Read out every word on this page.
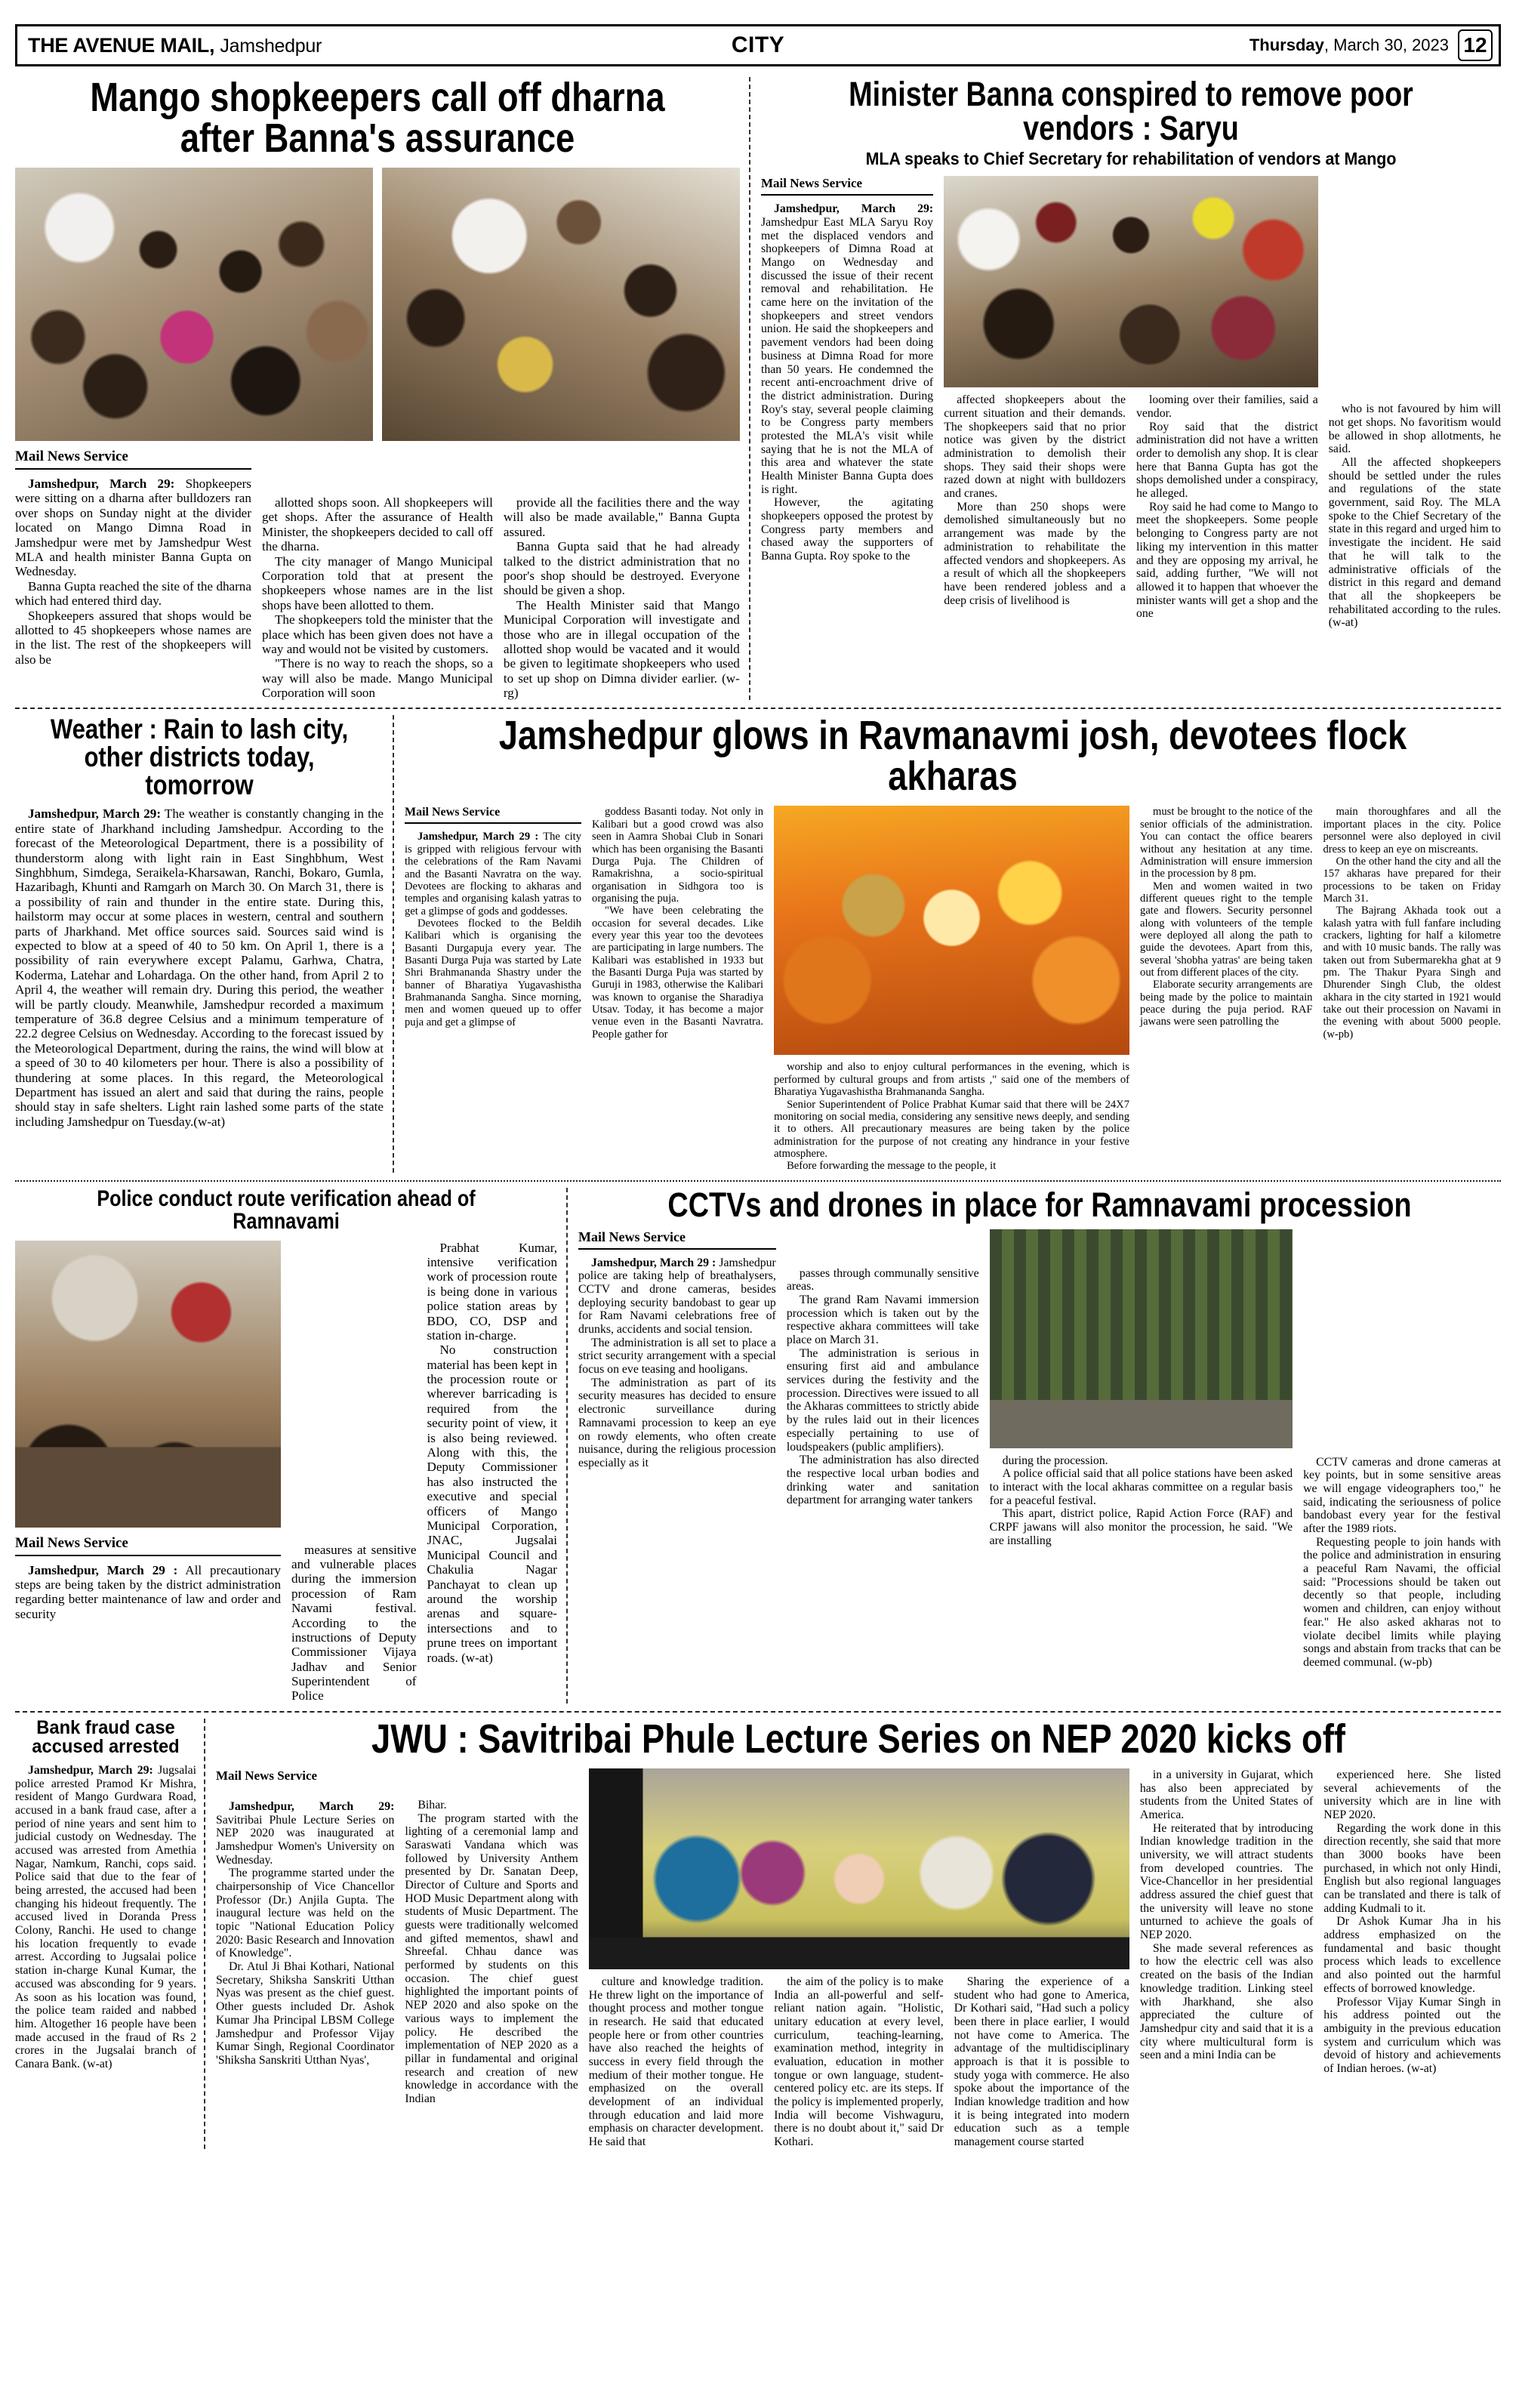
THE AVENUE MAIL, Jamshedpur	CITY	Thursday, March 30, 2023 12
Mango shopkeepers call off dharna after Banna's assurance
Mail News Service

Jamshedpur, March 29: Shopkeepers were sitting on a dharna after bulldozers ran over shops on Sunday night at the divider located on Mango Dimna Road in Jamshedpur were met by Jamshedpur West MLA and health minister Banna Gupta on Wednesday.

Banna Gupta reached the site of the dharna which had entered third day.

Shopkeepers assured that shops would be allotted to 45 shopkeepers whose names are in the list. The rest of the shopkeepers will also be

allotted shops soon. All shopkeepers will get shops. After the assurance of Health Minister, the shopkeepers decided to call off the dharna.

The city manager of Mango Municipal Corporation told that at present the shopkeepers whose names are in the list shops have been allotted to them.

The shopkeepers told the minister that the place which has been given does not have a way and would not be visited by customers.

"There is no way to reach the shops, so a way will also be made. Mango Municipal Corporation will soon

provide all the facilities there and the way will also be made available," Banna Gupta assured.

Banna Gupta said that he had already talked to the district administration that no poor's shop should be destroyed. Everyone should be given a shop.

The Health Minister said that Mango Municipal Corporation will investigate and those who are in illegal occupation of the allotted shop would be vacated and it would be given to legitimate shopkeepers who used to set up shop on Dimna divider earlier. (w-rg)

Minister Banna conspired to remove poor vendors : Saryu
MLA speaks to Chief Secretary for rehabilitation of vendors at Mango
Mail News Service

Jamshedpur, March 29: Jamshedpur East MLA Saryu Roy met the displaced vendors and shopkeepers of Dimna Road at Mango on Wednesday and discussed the issue of their recent removal and rehabilitation. He came here on the invitation of the shopkeepers and street vendors union. He said the shopkeepers and pavement vendors had been doing business at Dimna Road for more than 50 years. He condemned the recent anti-encroachment drive of the district administration. During Roy's stay, several people claiming to be Congress party members protested the MLA's visit while saying that he is not the MLA of this area and whatever the state Health Minister Banna Gupta does is right.

However, the agitating shopkeepers opposed the protest by Congress party members and chased away the supporters of Banna Gupta. Roy spoke to the

affected shopkeepers about the current situation and their demands. The shopkeepers said that no prior notice was given by the district administration to demolish their shops. They said their shops were razed down at night with bulldozers and cranes.

More than 250 shops were demolished simultaneously but no arrangement was made by the administration to rehabilitate the affected vendors and shopkeepers. As a result of which all the shopkeepers have been rendered jobless and a deep crisis of livelihood is

looming over their families, said a vendor.

Roy said that the district administration did not have a written order to demolish any shop. It is clear here that Banna Gupta has got the shops demolished under a conspiracy, he alleged.

Roy said he had come to Mango to meet the shopkeepers. Some people belonging to Congress party are not liking my intervention in this matter and they are opposing my arrival, he said, adding further, "We will not allowed it to happen that whoever the minister wants will get a shop and the one

who is not favoured by him will not get shops. No favoritism would be allowed in shop allotments, he said.

All the affected shopkeepers should be settled under the rules and regulations of the state government, said Roy. The MLA spoke to the Chief Secretary of the state in this regard and urged him to investigate the incident. He said that he will talk to the administrative officials of the district in this regard and demand that all the shopkeepers be rehabilitated according to the rules. (w-at)

Weather : Rain to lash city, other districts today, tomorrow

Jamshedpur, March 29: The weather is constantly changing in the entire state of Jharkhand including Jamshedpur. According to the forecast of the Meteorological Department, there is a possibility of thunderstorm along with light rain in East Singhbhum, West Singhbhum, Simdega, Seraikela-Kharsawan, Ranchi, Bokaro, Gumla, Hazaribagh, Khunti and Ramgarh on March 30. On March 31, there is a possibility of rain and thunder in the entire state. During this, hailstorm may occur at some places in western, central and southern parts of Jharkhand. Met office sources said. Sources said wind is expected to blow at a speed of 40 to 50 km. On April 1, there is a possibility of rain everywhere except Palamu, Garhwa, Chatra, Koderma, Latehar and Lohardaga. On the other hand, from April 2 to April 4, the weather will remain dry. During this period, the weather will be partly cloudy. Meanwhile, Jamshedpur recorded a maximum temperature of 36.8 degree Celsius and a minimum temperature of 22.2 degree Celsius on Wednesday. According to the forecast issued by the Meteorological Department, during the rains, the wind will blow at a speed of 30 to 40 kilometers per hour. There is also a possibility of thundering at some places. In this regard, the Meteorological Department has issued an alert and said that during the rains, people should stay in safe shelters. Light rain lashed some parts of the state including Jamshedpur on Tuesday.(w-at)

Jamshedpur glows in Ravmanavmi josh, devotees flock akharas
Mail News Service

Jamshedpur, March 29 : The city is gripped with religious fervour with the celebrations of the Ram Navami and the Basanti Navratra on the way. Devotees are flocking to akharas and temples and organising kalash yatras to get a glimpse of gods and goddesses.

Devotees flocked to the Beldih Kalibari which is organising the Basanti Durgapuja every year. The Basanti Durga Puja was started by Late Shri Brahmananda Shastry under the banner of Bharatiya Yugavashistha Brahmananda Sangha. Since morning, men and women queued up to offer puja and get a glimpse of

goddess Basanti today. Not only in Kalibari but a good crowd was also seen in Aamra Shobai Club in Sonari which has been organising the Basanti Durga Puja. The Children of Ramakrishna, a socio-spiritual organisation in Sidhgora too is organising the puja.

"We have been celebrating the occasion for several decades. Like every year this year too the devotees are participating in large numbers. The Kalibari was established in 1933 but the Basanti Durga Puja was started by Guruji in 1983, otherwise the Kalibari was known to organise the Sharadiya Utsav. Today, it has become a major venue even in the Basanti Navratra. People gather for

worship and also to enjoy cultural performances in the evening, which is performed by cultural groups and from artists ," said one of the members of Bharatiya Yugavashistha Brahmananda Sangha.

Senior Superintendent of Police Prabhat Kumar said that there will be 24X7 monitoring on social media, considering any sensitive news deeply, and sending it to others. All precautionary measures are being taken by the police administration for the purpose of not creating any hindrance in your festive atmosphere.

Before forwarding the message to the people, it

must be brought to the notice of the senior officials of the administration. You can contact the office bearers without any hesitation at any time. Administration will ensure immersion in the procession by 8 pm.

Men and women waited in two different queues right to the temple gate and flowers. Security personnel along with volunteers of the temple were deployed all along the path to guide the devotees. Apart from this, several 'shobha yatras' are being taken out from different places of the city.

Elaborate security arrangements are being made by the police to maintain peace during the puja period. RAF jawans were seen patrolling the

main thoroughfares and all the important places in the city. Police personnel were also deployed in civil dress to keep an eye on miscreants.

On the other hand the city and all the 157 akharas have prepared for their processions to be taken on Friday March 31.

The Bajrang Akhada took out a kalash yatra with full fanfare including crackers, lighting for half a kilometre and with 10 music bands. The rally was taken out from Subermarekha ghat at 9 pm. The Thakur Pyara Singh and Dhurender Singh Club, the oldest akhara in the city started in 1921 would take out their procession on Navami in the evening with about 5000 people. (w-pb)

Police conduct route verification ahead of Ramnavami
Mail News Service

Jamshedpur, March 29 : All precautionary steps are being taken by the district administration regarding better maintenance of law and order and security

measures at sensitive and vulnerable places during the immersion procession of Ram Navami festival. According to the instructions of Deputy Commissioner Vijaya Jadhav and Senior Superintendent of Police

Prabhat Kumar, intensive verification work of procession route is being done in various police station areas by BDO, CO, DSP and station in-charge.

No construction material has been kept in the procession route or wherever barricading is required from the security point of view, it is also being reviewed. Along with this, the Deputy Commissioner has also instructed the executive and special officers of Mango Municipal Corporation, JNAC, Jugsalai Municipal Council and Chakulia Nagar Panchayat to clean up around the worship arenas and square-intersections and to prune trees on important roads. (w-at)

CCTVs and drones in place for Ramnavami procession
Mail News Service

Jamshedpur, March 29 : Jamshedpur police are taking help of breathalysers, CCTV and drone cameras, besides deploying security bandobast to gear up for Ram Navami celebrations free of drunks, accidents and social tension.

The administration is all set to place a strict security arrangement with a special focus on eve teasing and hooligans.

The administration as part of its security measures has decided to ensure electronic surveillance during Ramnavami procession to keep an eye on rowdy elements, who often create nuisance, during the religious procession especially as it

passes through communally sensitive areas.

The grand Ram Navami immersion procession which is taken out by the respective akhara committees will take place on March 31.

The administration is serious in ensuring first aid and ambulance services during the festivity and the procession. Directives were issued to all the Akharas committees to strictly abide by the rules laid out in their licences especially pertaining to use of loudspeakers (public amplifiers).

The administration has also directed the respective local urban bodies and drinking water and sanitation department for arranging water tankers

during the procession.

A police official said that all police stations have been asked to interact with the local akharas committee on a regular basis for a peaceful festival.

This apart, district police, Rapid Action Force (RAF) and CRPF jawans will also monitor the procession, he said. "We are installing

CCTV cameras and drone cameras at key points, but in some sensitive areas we will engage videographers too," he said, indicating the seriousness of police bandobast every year for the festival after the 1989 riots.

Requesting people to join hands with the police and administration in ensuring a peaceful Ram Navami, the official said: "Processions should be taken out decently so that people, including women and children, can enjoy without fear." He also asked akharas not to violate decibel limits while playing songs and abstain from tracks that can be deemed communal. (w-pb)

Bank fraud case accused arrested

Jamshedpur, March 29: Jugsalai police arrested Pramod Kr Mishra, resident of Mango Gurdwara Road, accused in a bank fraud case, after a period of nine years and sent him to judicial custody on Wednesday. The accused was arrested from Amethia Nagar, Namkum, Ranchi, cops said. Police said that due to the fear of being arrested, the accused had been changing his hideout frequently. The accused lived in Doranda Press Colony, Ranchi. He used to change his location frequently to evade arrest. According to Jugsalai police station in-charge Kunal Kumar, the accused was absconding for 9 years. As soon as his location was found, the police team raided and nabbed him. Altogether 16 people have been made accused in the fraud of Rs 2 crores in the Jugsalai branch of Canara Bank. (w-at)

JWU : Savitribai Phule Lecture Series on NEP 2020 kicks off
Mail News Service

Jamshedpur, March 29: Savitribai Phule Lecture Series on NEP 2020 was inaugurated at Jamshedpur Women's University on Wednesday.

The programme started under the chairpersonship of Vice Chancellor Professor (Dr.) Anjila Gupta. The inaugural lecture was held on the topic "National Education Policy 2020: Basic Research and Innovation of Knowledge".

Dr. Atul Ji Bhai Kothari, National Secretary, Shiksha Sanskriti Utthan Nyas was present as the chief guest. Other guests included Dr. Ashok Kumar Jha Principal LBSM College Jamshedpur and Professor Vijay Kumar Singh, Regional Coordinator 'Shiksha Sanskriti Utthan Nyas',

Bihar.

The program started with the lighting of a ceremonial lamp and Saraswati Vandana which was followed by University Anthem presented by Dr. Sanatan Deep, Director of Culture and Sports and HOD Music Department along with students of Music Department. The guests were traditionally welcomed and gifted mementos, shawl and Shreefal. Chhau dance was performed by students on this occasion. The chief guest highlighted the important points of NEP 2020 and also spoke on the various ways to implement the policy. He described the implementation of NEP 2020 as a pillar in fundamental and original research and creation of new knowledge in accordance with the Indian

culture and knowledge tradition. He threw light on the importance of thought process and mother tongue in research. He said that educated people here or from other countries have also reached the heights of success in every field through the medium of their mother tongue. He emphasized on the overall development of an individual through education and laid more emphasis on character development. He said that

the aim of the policy is to make India an all-powerful and self-reliant nation again. "Holistic, unitary education at every level, curriculum, teaching-learning, examination method, integrity in evaluation, education in mother tongue or own language, student-centered policy etc. are its steps. If the policy is implemented properly, India will become Vishwaguru, there is no doubt about it," said Dr Kothari.

Sharing the experience of a student who had gone to America, Dr Kothari said, "Had such a policy been there in place earlier, I would not have come to America. The advantage of the multidisciplinary approach is that it is possible to study yoga with commerce. He also spoke about the importance of the Indian knowledge tradition and how it is being integrated into modern education such as a temple management course started

in a university in Gujarat, which has also been appreciated by students from the United States of America.

He reiterated that by introducing Indian knowledge tradition in the university, we will attract students from developed countries. The Vice-Chancellor in her presidential address assured the chief guest that the university will leave no stone unturned to achieve the goals of NEP 2020.

She made several references as to how the electric cell was also created on the basis of the Indian knowledge tradition. Linking steel with Jharkhand, she also appreciated the culture of Jamshedpur city and said that it is a city where multicultural form is seen and a mini India can be

experienced here. She listed several achievements of the university which are in line with NEP 2020.

Regarding the work done in this direction recently, she said that more than 3000 books have been purchased, in which not only Hindi, English but also regional languages can be translated and there is talk of adding Kudmali to it.

Dr Ashok Kumar Jha in his address emphasized on the fundamental and basic thought process which leads to excellence and also pointed out the harmful effects of borrowed knowledge.

Professor Vijay Kumar Singh in his address pointed out the ambiguity in the previous education system and curriculum which was devoid of history and achievements of Indian heroes. (w-at)
